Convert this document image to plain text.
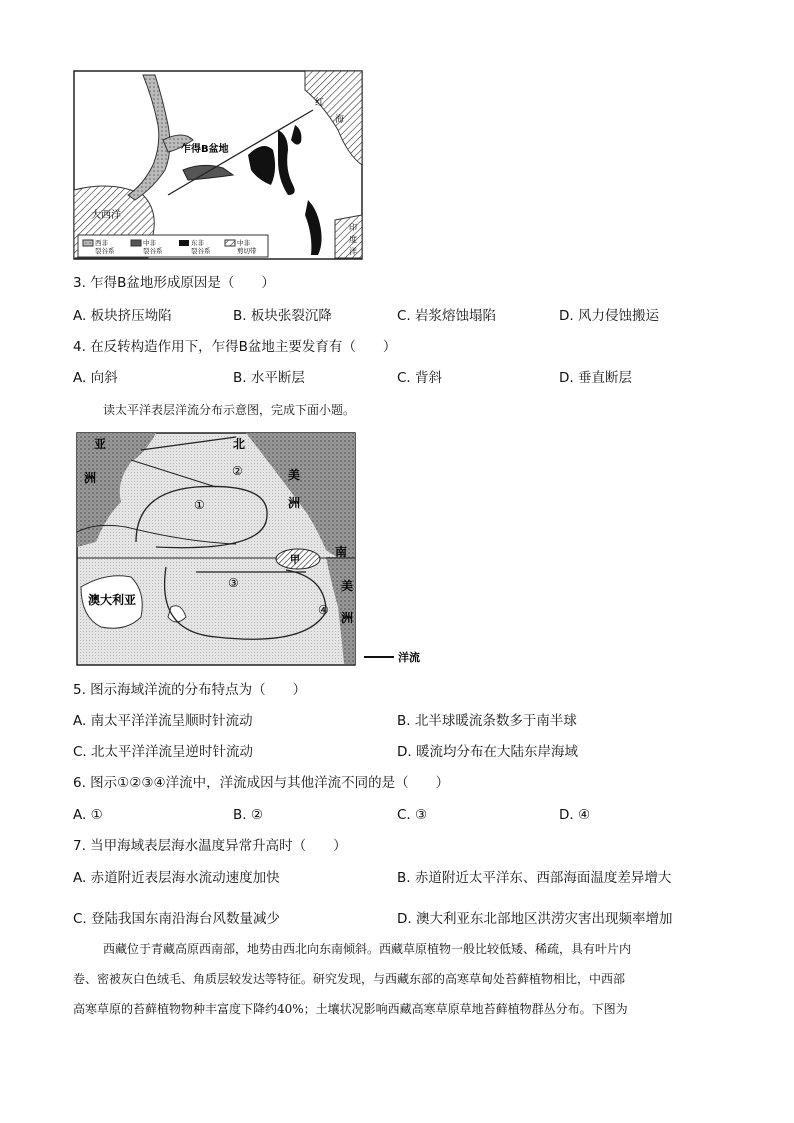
乍得B盆地
大西洋
红
海
印
度
洋
西非
裂谷系
中非
裂谷系
东非
裂谷系
中非
剪切带
3. 乍得B盆地形成原因是（　　）
A. 板块挤压坳陷	B. 板块张裂沉降	C. 岩浆熔蚀塌陷	D. 风力侵蚀搬运
4. 在反转构造作用下，乍得B盆地主要发育有（　　）
A. 向斜	B. 水平断层	C. 背斜	D. 垂直断层
读太平洋表层洋流分布示意图，完成下面小题。
亚
洲
北
美
洲
南
美
洲
澳大利亚
甲
①
②
③
④
洋流
5. 图示海域洋流的分布特点为（　　）
A. 南太平洋洋流呈顺时针流动	B. 北半球暖流条数多于南半球
C. 北太平洋洋流呈逆时针流动	D. 暖流均分布在大陆东岸海域
6. 图示①②③④洋流中，洋流成因与其他洋流不同的是（　　）
A. ①	B. ②	C. ③	D. ④
7. 当甲海域表层海水温度异常升高时（　　）
A. 赤道附近表层海水流动速度加快	B. 赤道附近太平洋东、西部海面温度差异增大
C. 登陆我国东南沿海台风数量减少	D. 澳大利亚东北部地区洪涝灾害出现频率增加
西藏位于青藏高原西南部，地势由西北向东南倾斜。西藏草原植物一般比较低矮、稀疏，具有叶片内
卷、密被灰白色绒毛、角质层较发达等特征。研究发现，与西藏东部的高寒草甸处苔藓植物相比，中西部
高寒草原的苔藓植物物种丰富度下降约40%；土壤状况影响西藏高寒草原草地苔藓植物群丛分布。下图为
